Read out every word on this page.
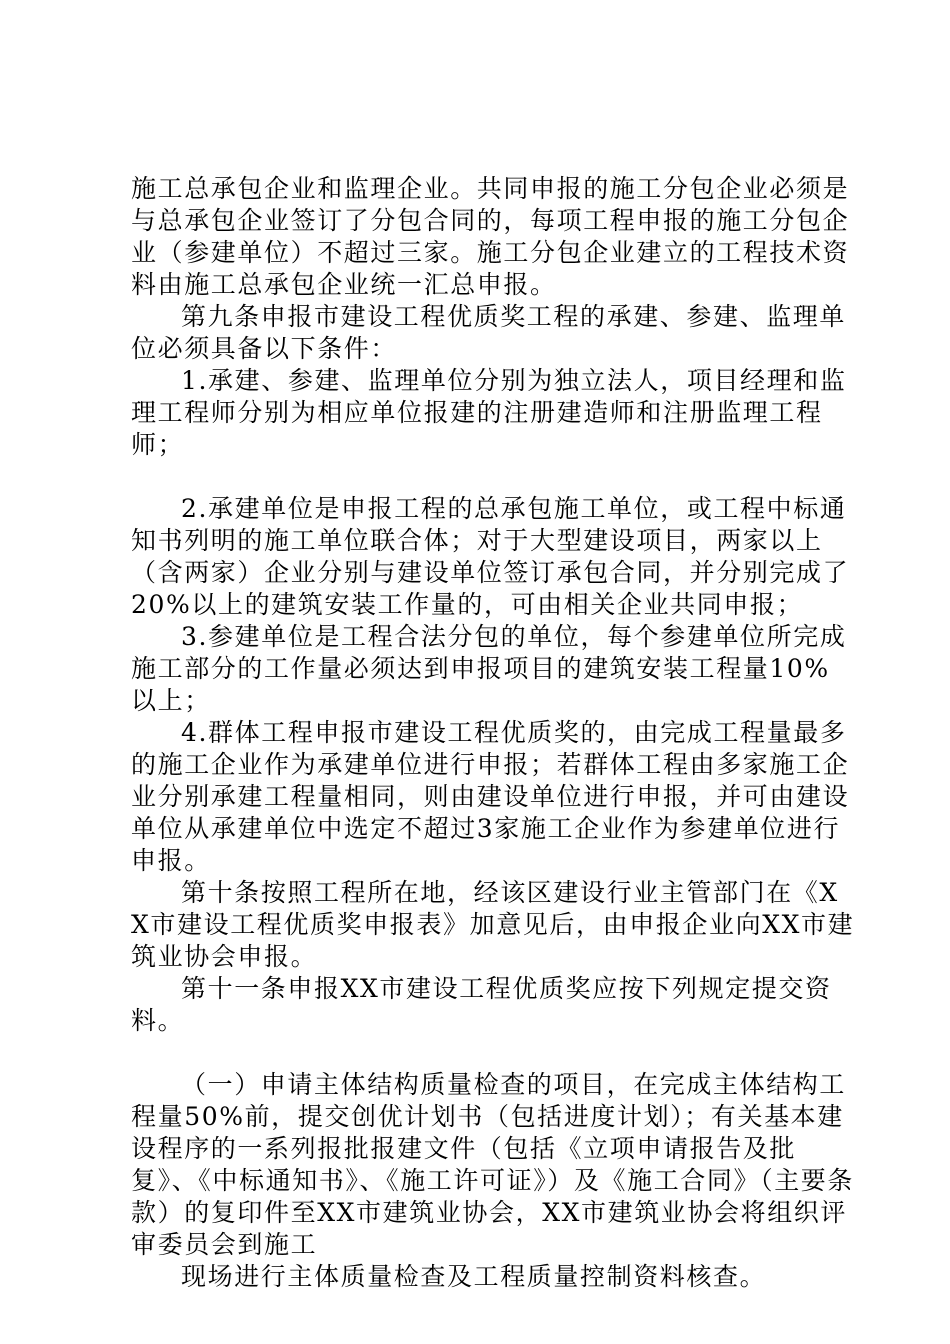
施工总承包企业和监理企业。共同申报的施工分包企业必须是与总承包企业签订了分包合同的，每项工程申报的施工分包企业（参建单位）不超过三家。施工分包企业建立的工程技术资料由施工总承包企业统一汇总申报。

第九条申报市建设工程优质奖工程的承建、参建、监理单位必须具备以下条件：

1.承建、参建、监理单位分别为独立法人，项目经理和监理工程师分别为相应单位报建的注册建造师和注册监理工程师；

2.承建单位是申报工程的总承包施工单位，或工程中标通知书列明的施工单位联合体；对于大型建设项目，两家以上（含两家）企业分别与建设单位签订承包合同，并分别完成了20%以上的建筑安装工作量的，可由相关企业共同申报；

3.参建单位是工程合法分包的单位，每个参建单位所完成施工部分的工作量必须达到申报项目的建筑安装工程量10%以上；

4.群体工程申报市建设工程优质奖的，由完成工程量最多的施工企业作为承建单位进行申报；若群体工程由多家施工企业分别承建工程量相同，则由建设单位进行申报，并可由建设单位从承建单位中选定不超过3家施工企业作为参建单位进行申报。

第十条按照工程所在地，经该区建设行业主管部门在《XX市建设工程优质奖申报表》加意见后，由申报企业向XX市建筑业协会申报。

第十一条申报XX市建设工程优质奖应按下列规定提交资料。

（一）申请主体结构质量检查的项目，在完成主体结构工程量50%前，提交创优计划书（包括进度计划）；有关基本建设程序的一系列报批报建文件（包括《立项申请报告及批复》、《中标通知书》、《施工许可证》）及《施工合同》（主要条款）的复印件至XX市建筑业协会，XX市建筑业协会将组织评审委员会到施工

现场进行主体质量检查及工程质量控制资料核查。
